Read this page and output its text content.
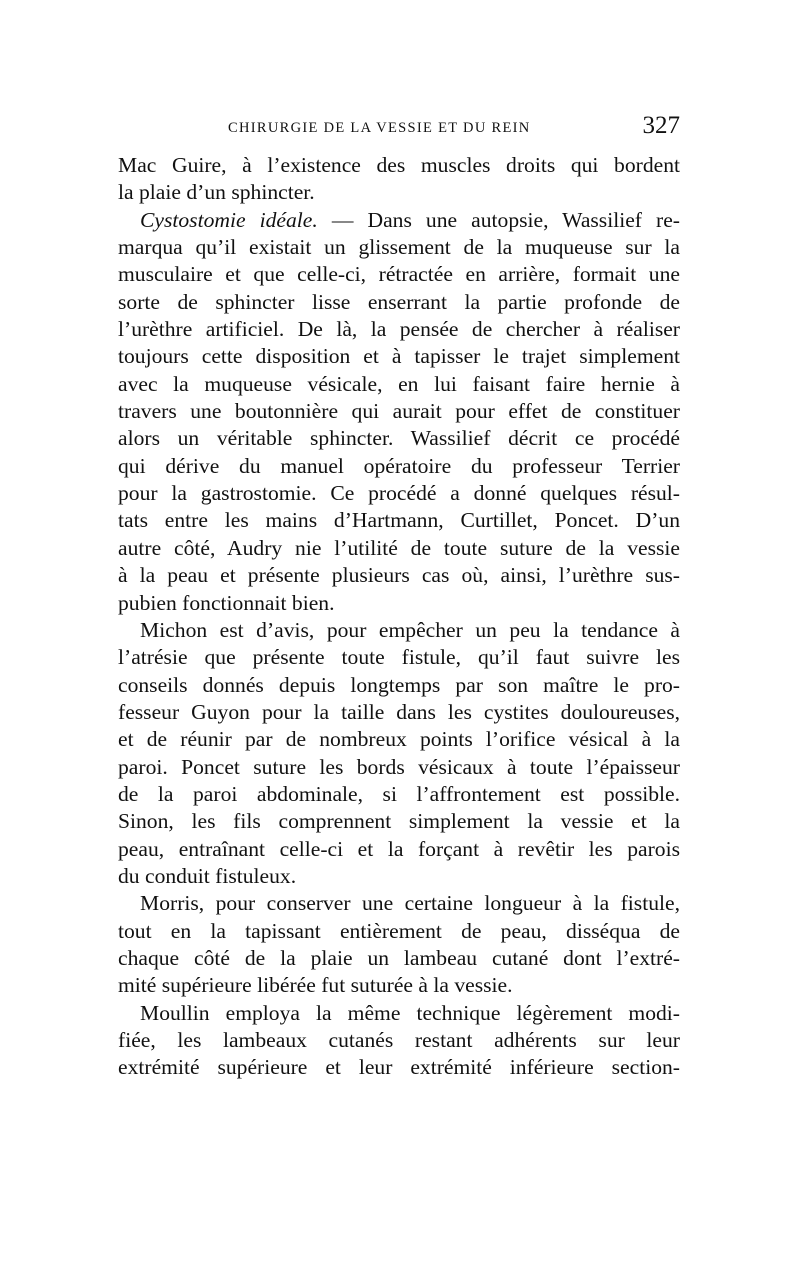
CHIRURGIE DE LA VESSIE ET DU REIN	327
Mac Guire, à l’existence des muscles droits qui bordent
la plaie d’un sphincter.
Cystostomie idéale. — Dans une autopsie, Wassilief re-
marqua qu’il existait un glissement de la muqueuse sur la
musculaire et que celle-ci, rétractée en arrière, formait une
sorte de sphincter lisse enserrant la partie profonde de
l’urèthre artificiel. De là, la pensée de chercher à réaliser
toujours cette disposition et à tapisser le trajet simplement
avec la muqueuse vésicale, en lui faisant faire hernie à
travers une boutonnière qui aurait pour effet de constituer
alors un véritable sphincter. Wassilief décrit ce procédé
qui dérive du manuel opératoire du professeur Terrier
pour la gastrostomie. Ce procédé a donné quelques résul-
tats entre les mains d’Hartmann, Curtillet, Poncet. D’un
autre côté, Audry nie l’utilité de toute suture de la vessie
à la peau et présente plusieurs cas où, ainsi, l’urèthre sus-
pubien fonctionnait bien.
Michon est d’avis, pour empêcher un peu la tendance à
l’atrésie que présente toute fistule, qu’il faut suivre les
conseils donnés depuis longtemps par son maître le pro-
fesseur Guyon pour la taille dans les cystites douloureuses,
et de réunir par de nombreux points l’orifice vésical à la
paroi. Poncet suture les bords vésicaux à toute l’épaisseur
de la paroi abdominale, si l’affrontement est possible.
Sinon, les fils comprennent simplement la vessie et la
peau, entraînant celle-ci et la forçant à revêtir les parois
du conduit fistuleux.
Morris, pour conserver une certaine longueur à la fistule,
tout en la tapissant entièrement de peau, disséqua de
chaque côté de la plaie un lambeau cutané dont l’extré-
mité supérieure libérée fut suturée à la vessie.
Moullin employa la même technique légèrement modi-
fiée, les lambeaux cutanés restant adhérents sur leur
extrémité supérieure et leur extrémité inférieure section-
